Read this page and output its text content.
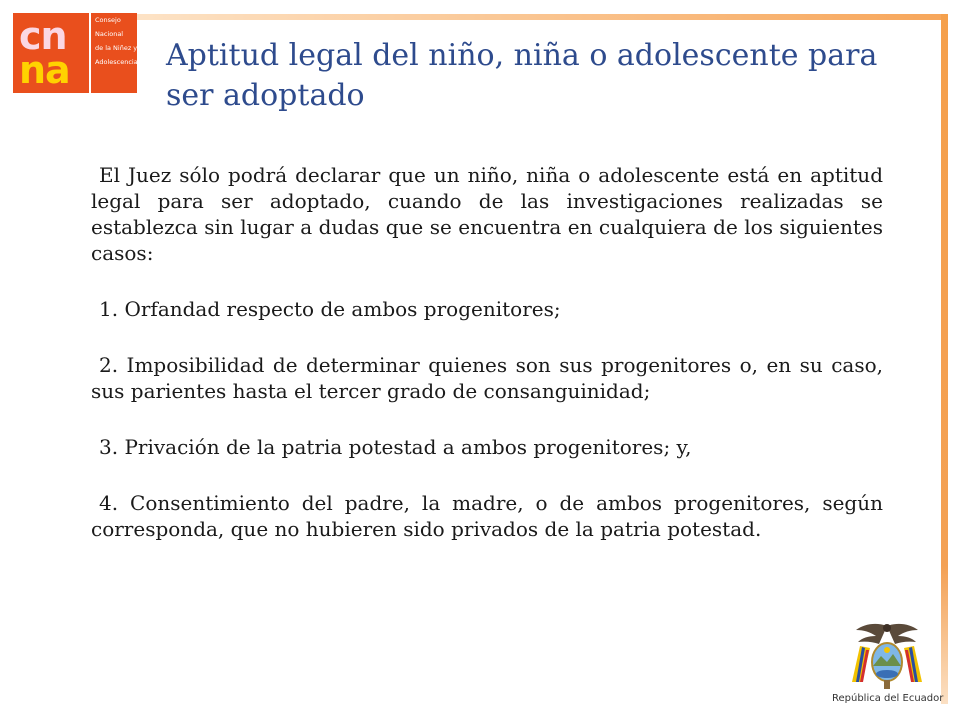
cn
na
Consejo
Nacional
de la Niñez y
Adolescencia Aptitud legal del niño, niña o adolescente para ser adoptado

El Juez sólo podrá declarar que un niño, niña o adolescente está en aptitud legal para ser adoptado, cuando de las investigaciones realizadas se establezca sin lugar a dudas que se encuentra en cualquiera de los siguientes casos:

1. Orfandad respecto de ambos progenitores;

2. Imposibilidad de determinar quienes son sus progenitores o, en su caso, sus parientes hasta el tercer grado de consanguinidad;

3. Privación de la patria potestad a ambos progenitores; y,

4. Consentimiento del padre, la madre, o de ambos progenitores, según corresponda, que no hubieren sido privados de la patria potestad.

República del Ecuador
